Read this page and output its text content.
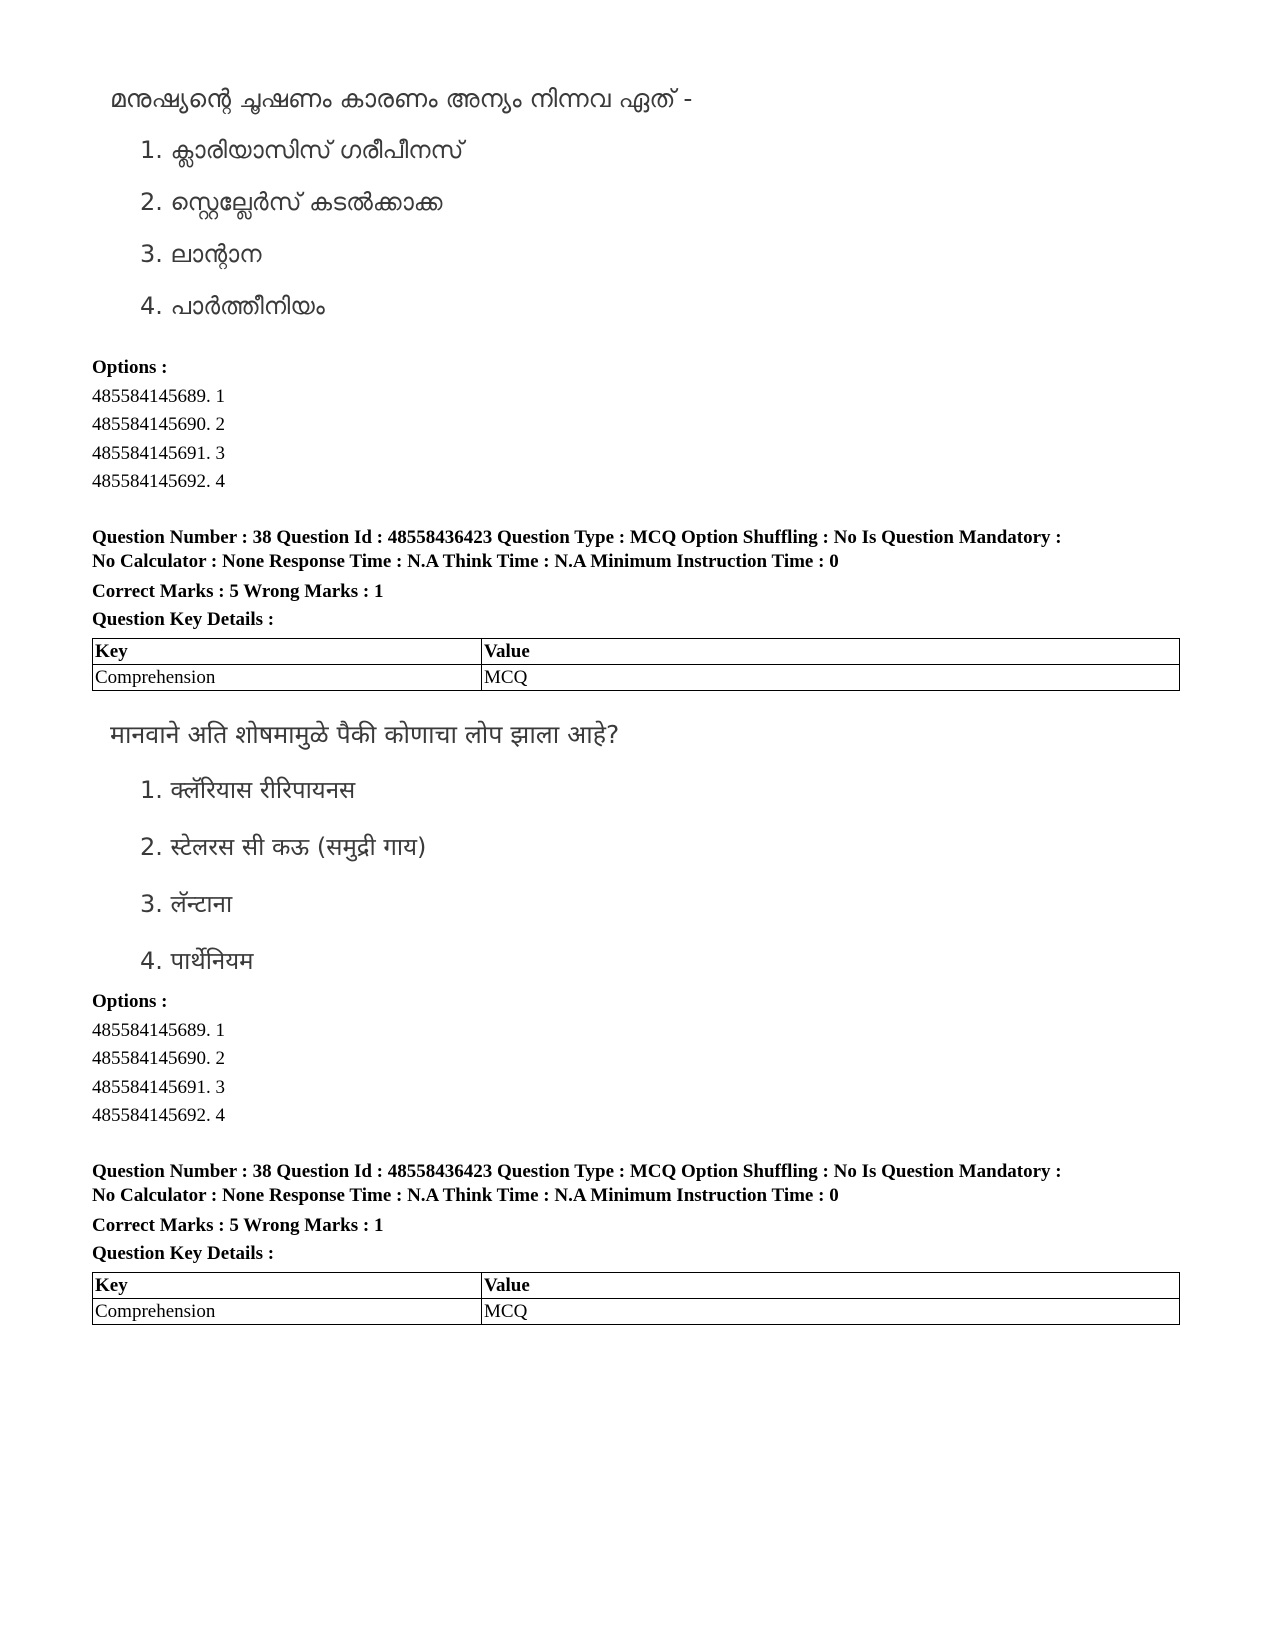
മനുഷ്യന്റെ ചൂഷണം കാരണം അന്യം നിന്നവ ഏത് -
1. ക്ലാരിയാസിസ് ഗരീപീനസ്
2. സ്റ്റെല്ലേർസ് കടൽക്കാക്ക
3. ലാന്റാന
4. പാർത്തീനിയം
Options :
485584145689. 1
485584145690. 2
485584145691. 3
485584145692. 4
Question Number : 38 Question Id : 48558436423 Question Type : MCQ Option Shuffling : No Is Question Mandatory :
No Calculator : None Response Time : N.A Think Time : N.A Minimum Instruction Time : 0
Correct Marks : 5 Wrong Marks : 1
Question Key Details :
Key	Value
Comprehension	MCQ
मानवाने अति शोषमामुळे पैकी कोणाचा लोप झाला आहे?
1. क्लॅरियास रीरिपायनस
2. स्टेलरस सी कऊ (समुद्री गाय)
3. लॅन्टाना
4. पार्थेनियम
Options :
485584145689. 1
485584145690. 2
485584145691. 3
485584145692. 4
Question Number : 38 Question Id : 48558436423 Question Type : MCQ Option Shuffling : No Is Question Mandatory :
No Calculator : None Response Time : N.A Think Time : N.A Minimum Instruction Time : 0
Correct Marks : 5 Wrong Marks : 1
Question Key Details :
Key	Value
Comprehension	MCQ
